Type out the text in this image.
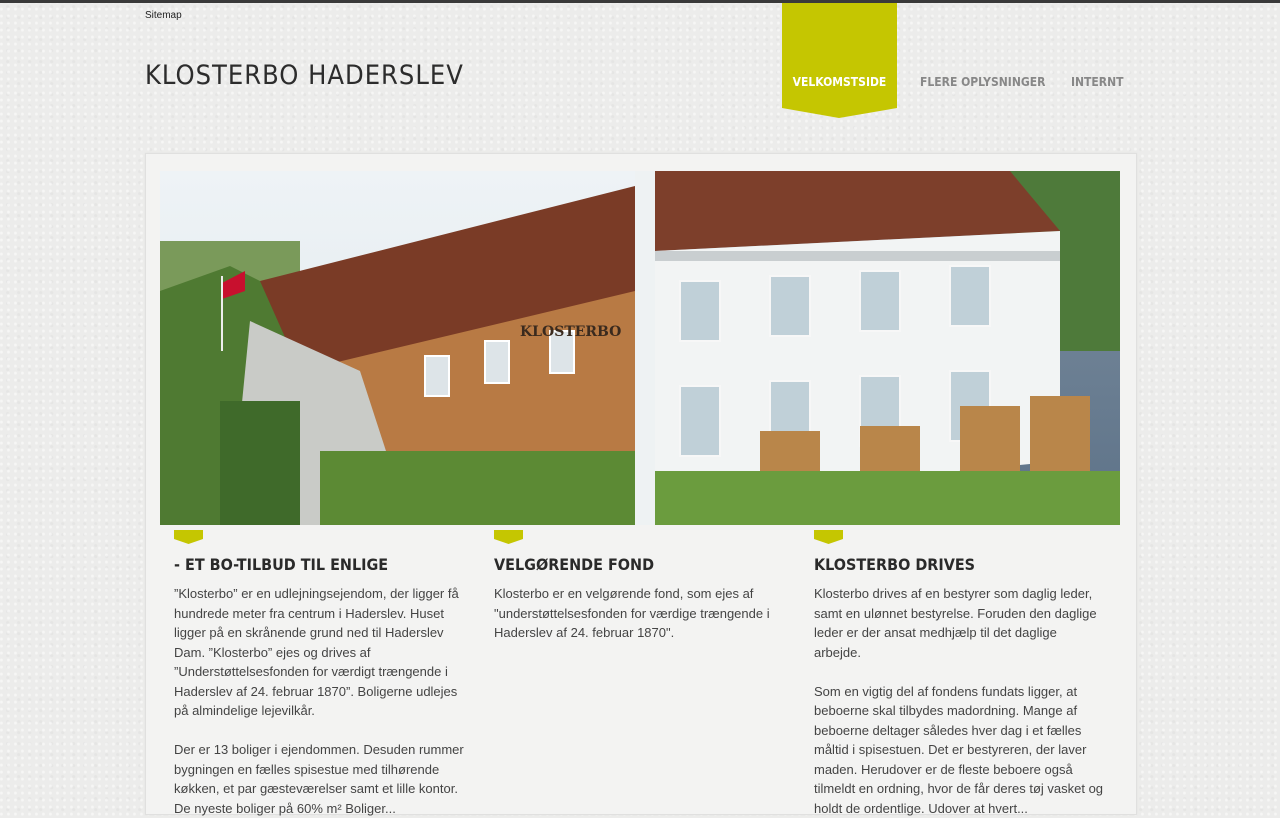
Sitemap
KLOSTERBO HADERSLEV	VELKOMSTSIDE	FLERE OPLYSNINGER INTERNT
KLOSTERBO
- ET BO-TILBUD TIL ENLIGE

”Klosterbo” er en udlejningsejendom, der ligger få hundrede meter fra centrum i Haderslev. Huset ligger på en skrånende grund ned til Haderslev Dam. ”Klosterbo” ejes og drives af ”Understøttelsesfonden for værdigt trængende i Haderslev af 24. februar 1870”. Boligerne udlejes på almindelige lejevilkår.

Der er 13 boliger i ejendommen. Desuden rummer bygningen en fælles spisestue med tilhørende køkken, et par gæsteværelser samt et lille kontor. De nyeste boliger på 60% m² Boliger...

VELGØRENDE FOND

Klosterbo er en velgørende fond, som ejes af "understøttelsesfonden for værdige trængende i Haderslev af 24. februar 1870".

KLOSTERBO DRIVES

Klosterbo drives af en bestyrer som daglig leder, samt en ulønnet bestyrelse. Foruden den daglige leder er der ansat medhjælp til det daglige arbejde.

Som en vigtig del af fondens fundats ligger, at beboerne skal tilbydes madordning. Mange af beboerne deltager således hver dag i et fælles måltid i spisestuen. Det er bestyreren, der laver maden. Herudover er de fleste beboere også tilmeldt en ordning, hvor de får deres tøj vasket og holdt de ordentlige. Udover at hvert...
